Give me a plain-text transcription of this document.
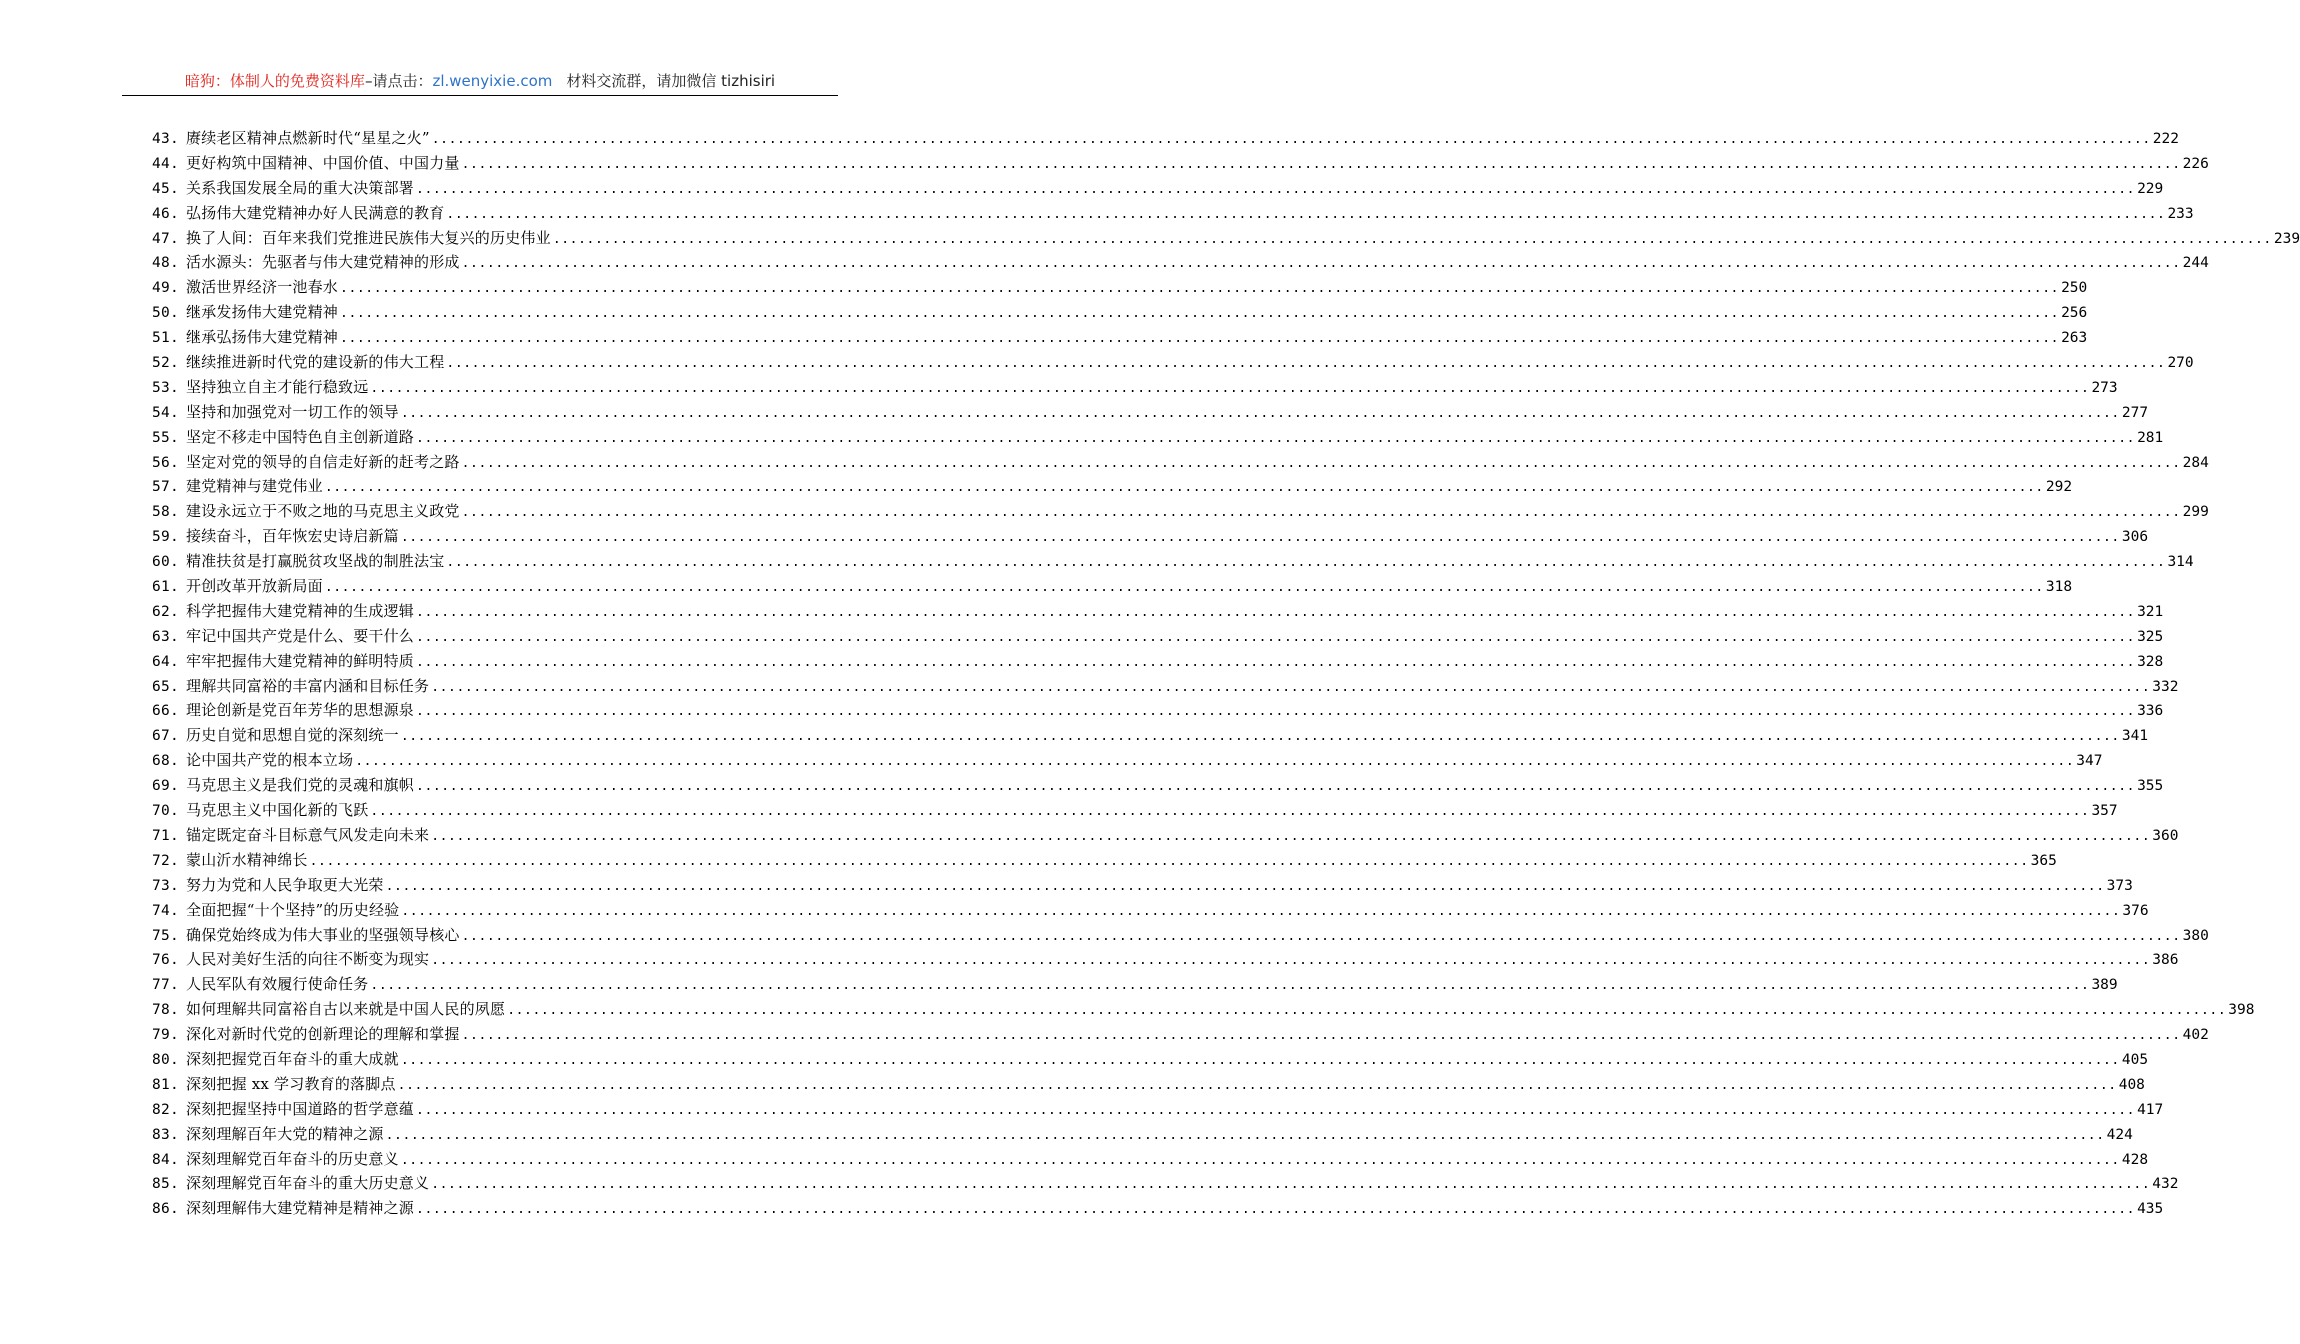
暗狗：体制人的免费资料库–请点击：zl.wenyixie.com 材料交流群，请加微信 tizhisiri
43. 赓续老区精神点燃新时代“星星之火” ............................................................................................................................................................................................................ 222
44. 更好构筑中国精神、中国价值、中国力量 ............................................................................................................................................................................................................ 226
45. 关系我国发展全局的重大决策部署 ............................................................................................................................................................................................................ 229
46. 弘扬伟大建党精神办好人民满意的教育 ............................................................................................................................................................................................................ 233
47. 换了人间：百年来我们党推进民族伟大复兴的历史伟业 ............................................................................................................................................................................................................ 239
48. 活水源头：先驱者与伟大建党精神的形成 ............................................................................................................................................................................................................ 244
49. 激活世界经济一池春水 ............................................................................................................................................................................................................ 250
50. 继承发扬伟大建党精神 ............................................................................................................................................................................................................ 256
51. 继承弘扬伟大建党精神 ............................................................................................................................................................................................................ 263
52. 继续推进新时代党的建设新的伟大工程 ............................................................................................................................................................................................................ 270
53. 坚持独立自主才能行稳致远 ............................................................................................................................................................................................................ 273
54. 坚持和加强党对一切工作的领导 ............................................................................................................................................................................................................ 277
55. 坚定不移走中国特色自主创新道路 ............................................................................................................................................................................................................ 281
56. 坚定对党的领导的自信走好新的赶考之路 ............................................................................................................................................................................................................ 284
57. 建党精神与建党伟业 ............................................................................................................................................................................................................ 292
58. 建设永远立于不败之地的马克思主义政党 ............................................................................................................................................................................................................ 299
59. 接续奋斗，百年恢宏史诗启新篇 ............................................................................................................................................................................................................ 306
60. 精准扶贫是打赢脱贫攻坚战的制胜法宝 ............................................................................................................................................................................................................ 314
61. 开创改革开放新局面 ............................................................................................................................................................................................................ 318
62. 科学把握伟大建党精神的生成逻辑 ............................................................................................................................................................................................................ 321
63. 牢记中国共产党是什么、要干什么 ............................................................................................................................................................................................................ 325
64. 牢牢把握伟大建党精神的鲜明特质 ............................................................................................................................................................................................................ 328
65. 理解共同富裕的丰富内涵和目标任务 ............................................................................................................................................................................................................ 332
66. 理论创新是党百年芳华的思想源泉 ............................................................................................................................................................................................................ 336
67. 历史自觉和思想自觉的深刻统一 ............................................................................................................................................................................................................ 341
68. 论中国共产党的根本立场 ............................................................................................................................................................................................................ 347
69. 马克思主义是我们党的灵魂和旗帜 ............................................................................................................................................................................................................ 355
70. 马克思主义中国化新的飞跃 ............................................................................................................................................................................................................ 357
71. 锚定既定奋斗目标意气风发走向未来 ............................................................................................................................................................................................................ 360
72. 蒙山沂水精神绵长 ............................................................................................................................................................................................................ 365
73. 努力为党和人民争取更大光荣 ............................................................................................................................................................................................................ 373
74. 全面把握“十个坚持”的历史经验 ............................................................................................................................................................................................................ 376
75. 确保党始终成为伟大事业的坚强领导核心 ............................................................................................................................................................................................................ 380
76. 人民对美好生活的向往不断变为现实 ............................................................................................................................................................................................................ 386
77. 人民军队有效履行使命任务 ............................................................................................................................................................................................................ 389
78. 如何理解共同富裕自古以来就是中国人民的夙愿 ............................................................................................................................................................................................................ 398
79. 深化对新时代党的创新理论的理解和掌握 ............................................................................................................................................................................................................ 402
80. 深刻把握党百年奋斗的重大成就 ............................................................................................................................................................................................................ 405
81. 深刻把握 xx 学习教育的落脚点 ............................................................................................................................................................................................................ 408
82. 深刻把握坚持中国道路的哲学意蕴 ............................................................................................................................................................................................................ 417
83. 深刻理解百年大党的精神之源 ............................................................................................................................................................................................................ 424
84. 深刻理解党百年奋斗的历史意义 ............................................................................................................................................................................................................ 428
85. 深刻理解党百年奋斗的重大历史意义 ............................................................................................................................................................................................................ 432
86. 深刻理解伟大建党精神是精神之源 ............................................................................................................................................................................................................ 435
